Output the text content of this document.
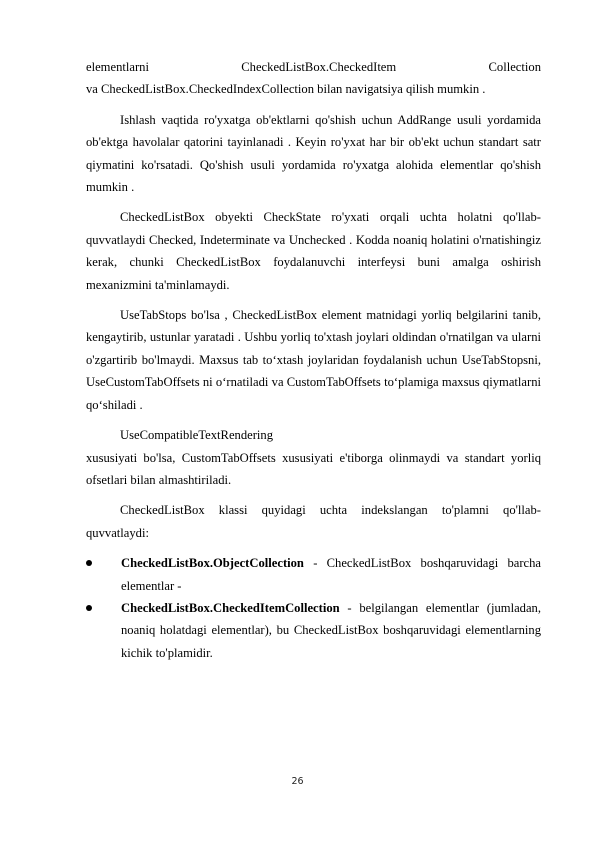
elementlarni CheckedListBox.CheckedItem Collection

va CheckedListBox.CheckedIndexCollection bilan navigatsiya qilish mumkin .

Ishlash vaqtida ro'yxatga ob'ektlarni qo'shish uchun AddRange usuli yordamida ob'ektga havolalar qatorini tayinlanadi . Keyin ro'yxat har bir ob'ekt uchun standart satr qiymatini ko'rsatadi. Qo'shish usuli yordamida ro'yxatga alohida elementlar qo'shish mumkin .

CheckedListBox obyekti CheckState ro'yxati orqali uchta holatni qo'llab- quvvatlaydi Checked, Indeterminate va Unchecked . Kodda noaniq holatini o'rnatishingiz kerak, chunki CheckedListBox foydalanuvchi interfeysi buni amalga oshirish mexanizmini ta'minlamaydi.

UseTabStops bo'lsa , CheckedListBox element matnidagi yorliq belgilarini tanib, kengaytirib, ustunlar yaratadi . Ushbu yorliq to'xtash joylari oldindan o'rnatilgan va ularni o'zgartirib bo'lmaydi. Maxsus tab to‘xtash joylaridan foydalanish uchun UseTabStopsni, UseCustomTabOffsets ni o‘rnatiladi va CustomTabOffsets to‘plamiga maxsus qiymatlarni qo‘shiladi .

UseCompatibleTextRendering

xususiyati bo'lsa, CustomTabOffsets xususiyati e'tiborga olinmaydi va standart yorliq ofsetlari bilan almashtiriladi.

CheckedListBox klassi quyidagi uchta indekslangan to'plamni qo'llab- quvvatlaydi:

CheckedListBox.ObjectCollection - CheckedListBox boshqaruvidagi barcha elementlar -
CheckedListBox.CheckedItemCollection - belgilangan elementlar (jumladan, noaniq holatdagi elementlar), bu CheckedListBox boshqaruvidagi elementlarning kichik to'plamidir.
26
